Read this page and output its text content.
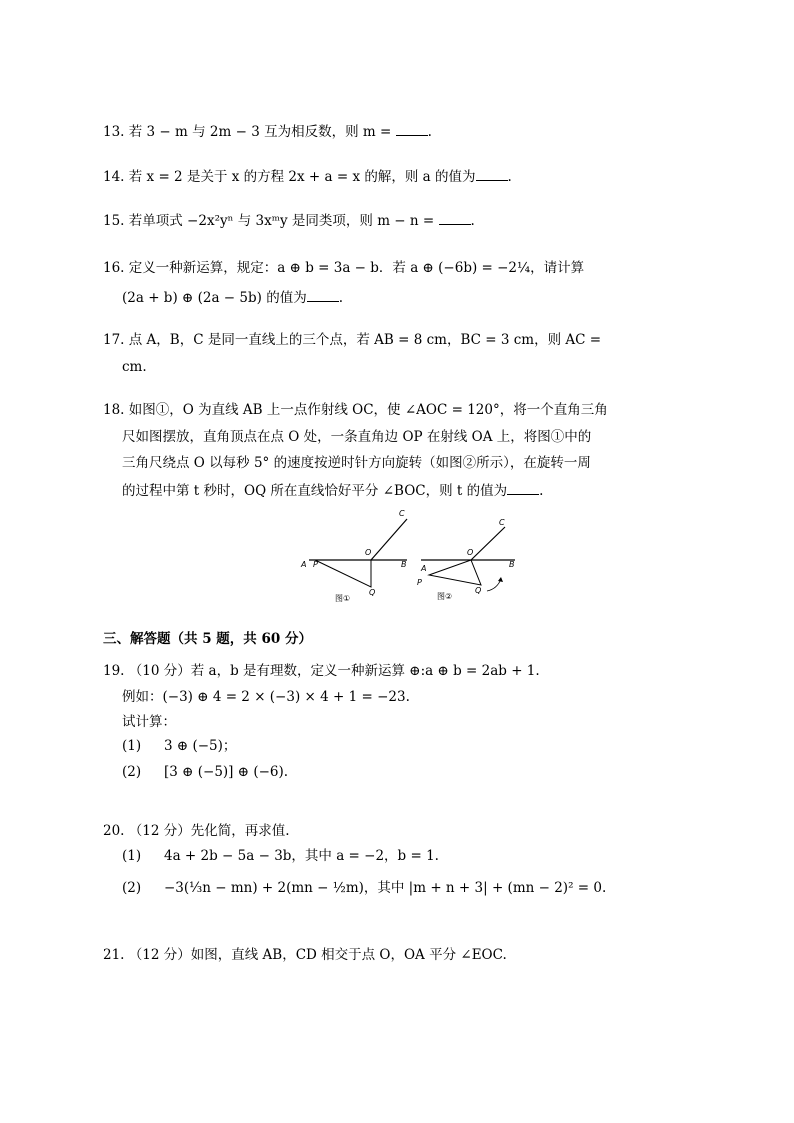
13. 若 3 − m 与 2m − 3 互为相反数，则 m = .
14. 若 x = 2 是关于 x 的方程 2x + a = x 的解，则 a 的值为 .
15. 若单项式 −2x²yⁿ 与 3xᵐy 是同类项，则 m − n = .
16. 定义一种新运算，规定：a ⊕ b = 3a − b．若 a ⊕ (−6b) = −2¼，请计算
(2a + b) ⊕ (2a − 5b) 的值为 .
17. 点 A，B，C 是同一直线上的三个点，若 AB = 8 cm，BC = 3 cm，则 AC =
cm.
18. 如图①，O 为直线 AB 上一点作射线 OC，使 ∠AOC = 120°，将一个直角三角
尺如图摆放，直角顶点在点 O 处，一条直角边 OP 在射线 OA 上，将图①中的
三角尺绕点 O 以每秒 5° 的速度按逆时针方向旋转（如图②所示），在旋转一周
的过程中第 t 秒时，OQ 所在直线恰好平分 ∠BOC，则 t 的值为 .
A P
O
B
C
Q
图①
A
P
O
B
C
Q
图②
三、解答题（共 5 题，共 60 分）
19. （10 分）若 a，b 是有理数，定义一种新运算 ⊕:a ⊕ b = 2ab + 1.
例如：(−3) ⊕ 4 = 2 × (−3) × 4 + 1 = −23.
试计算：
(1) 3 ⊕ (−5)；
(2) [3 ⊕ (−5)] ⊕ (−6).
20. （12 分）先化简，再求值.
(1) 4a + 2b − 5a − 3b，其中 a = −2，b = 1.
(2) −3(⅓n − mn) + 2(mn − ½m)，其中 |m + n + 3| + (mn − 2)² = 0.
21. （12 分）如图，直线 AB，CD 相交于点 O，OA 平分 ∠EOC.
